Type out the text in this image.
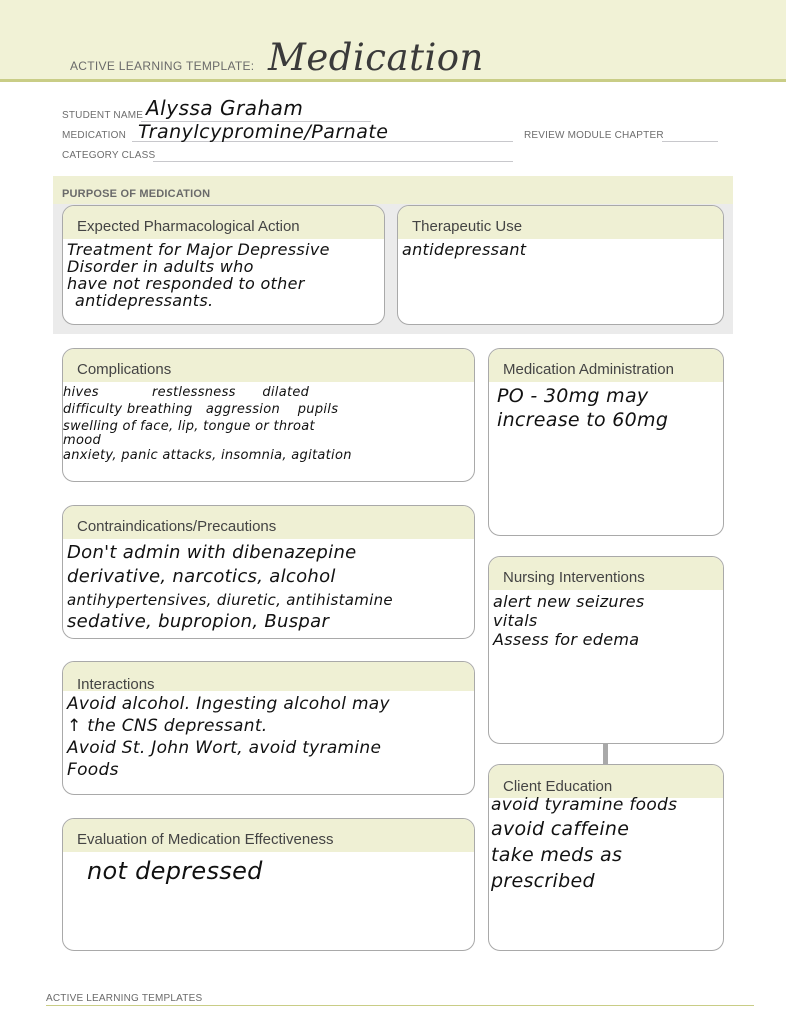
ACTIVE LEARNING TEMPLATE: Medication
STUDENT NAME Alyssa Graham
MEDICATION Tranylcypromine/Parnate	REVIEW MODULE CHAPTER
CATEGORY CLASS
PURPOSE OF MEDICATION
Expected Pharmacological Action
Treatment for Major Depressive
Disorder in adults who
have not responded to other
antidepressants.
Therapeutic Use
antidepressant
Complications
hives            restlessness      dilated
difficulty breathing   aggression    pupils
swelling of face, lip, tongue or throat
mood
anxiety, panic attacks, insomnia, agitation
Medication Administration
PO - 30mg may
increase to 60mg
Contraindications/Precautions
Don't admin with dibenazepine
derivative, narcotics, alcohol
antihypertensives, diuretic, antihistamine
sedative, bupropion, Buspar
Nursing Interventions
alert new seizures
vitals
Assess for edema
Interactions
Avoid alcohol. Ingesting alcohol may
↑ the CNS depressant.
Avoid St. John Wort, avoid tyramine
Foods
Client Education
avoid tyramine foods
avoid caffeine
take meds as
prescribed
Evaluation of Medication Effectiveness
not depressed
ACTIVE LEARNING TEMPLATES
